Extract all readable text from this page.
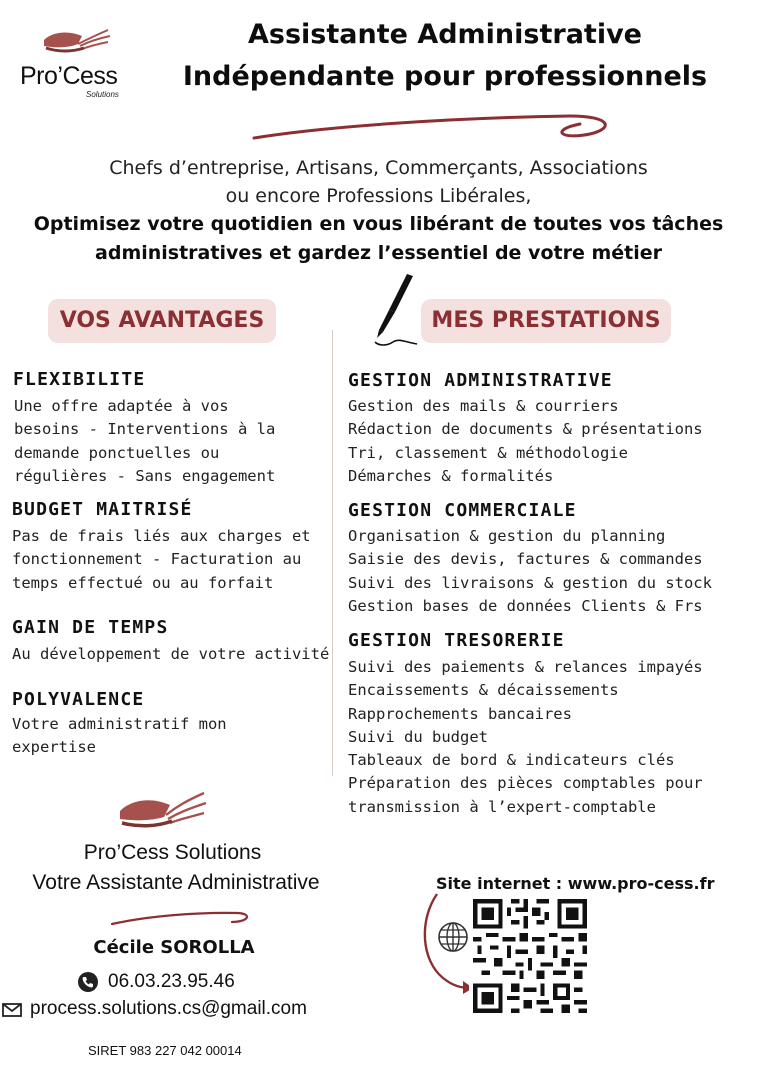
Pro’Cess
Solutions
Assistante Administrative
Indépendante pour professionnels
Chefs d’entreprise, Artisans, Commerçants, Associations
ou encore Professions Libérales,
Optimisez votre quotidien en vous libérant de toutes vos tâches
administratives et gardez l’essentiel de votre métier
VOS AVANTAGES	MES PRESTATIONS
FLEXIBILITE
Une offre adaptée à vos
besoins - Interventions à la
demande ponctuelles ou
régulières - Sans engagement
BUDGET MAITRISÉ
Pas de frais liés aux charges et
fonctionnement - Facturation au
temps effectué ou au forfait
GAIN DE TEMPS
Au développement de votre activité
POLYVALENCE
Votre administratif mon
expertise
GESTION ADMINISTRATIVE
Gestion des mails & courriers
Rédaction de documents & présentations
Tri, classement & méthodologie
Démarches & formalités
GESTION COMMERCIALE
Organisation & gestion du planning
Saisie des devis, factures & commandes
Suivi des livraisons & gestion du stock
Gestion bases de données Clients & Frs
GESTION TRESORERIE
Suivi des paiements & relances impayés
Encaissements & décaissements
Rapprochements bancaires
Suivi du budget
Tableaux de bord & indicateurs clés
Préparation des pièces comptables pour
transmission à l’expert-comptable
Pro’Cess Solutions
Votre Assistante Administrative
Cécile SOROLLA
06.03.23.95.46
process.solutions.cs@gmail.com
SIRET 983 227 042 00014
Site internet : www.pro-cess.fr
